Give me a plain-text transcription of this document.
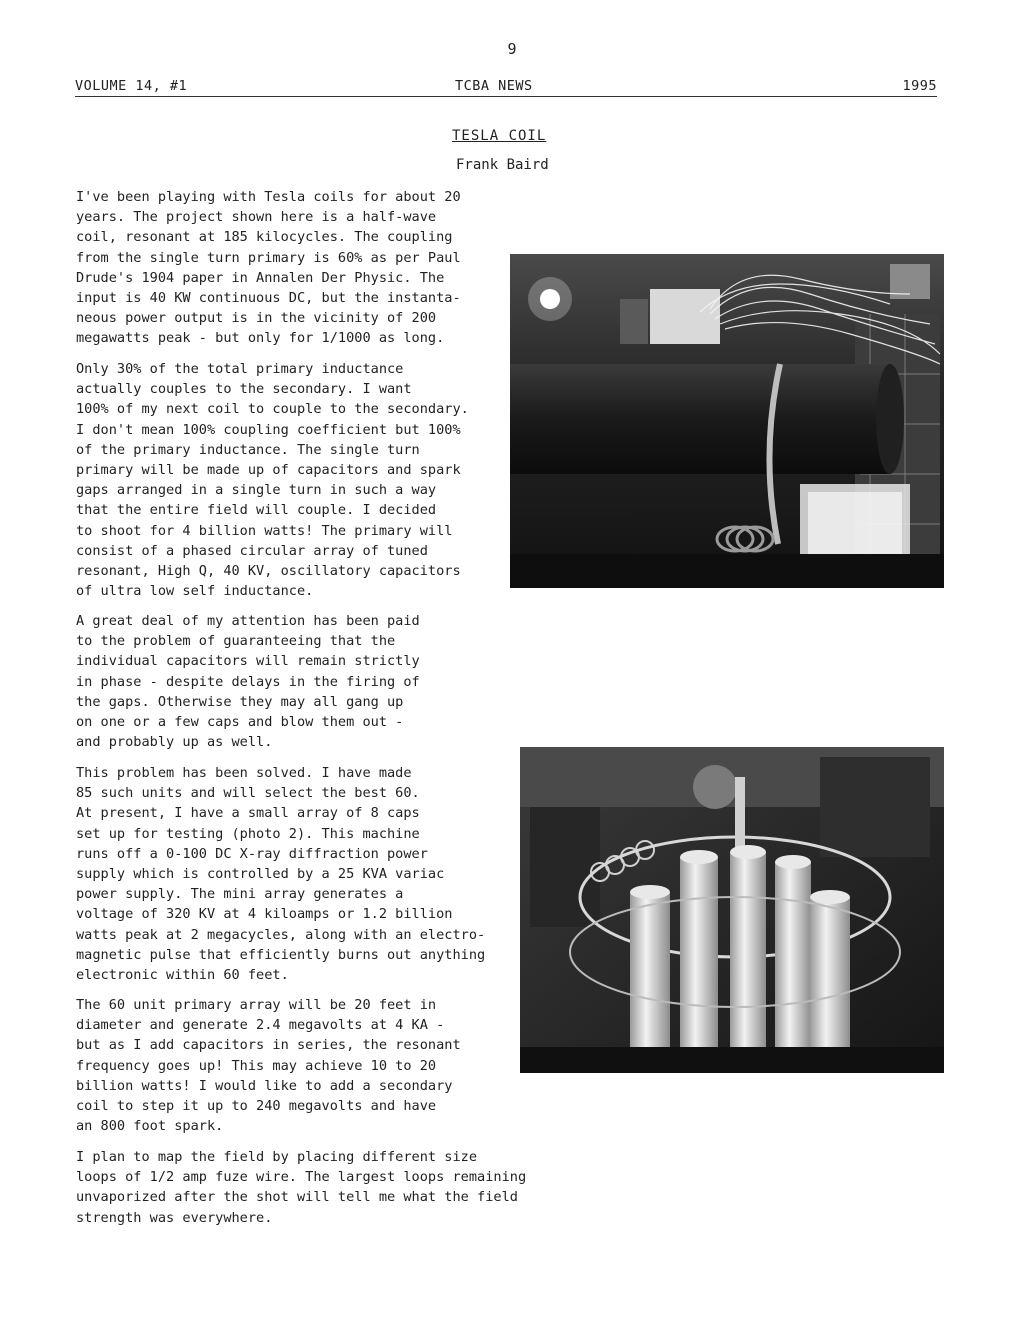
9
VOLUME 14, #1	TCBA NEWS	1995
TESLA COIL
Frank Baird

I've been playing with Tesla coils for about 20
years. The project shown here is a half-wave
coil, resonant at 185 kilocycles. The coupling
from the single turn primary is 60% as per Paul
Drude's 1904 paper in Annalen Der Physic. The
input is 40 KW continuous DC, but the instanta-
neous power output is in the vicinity of 200
megawatts peak - but only for 1/1000 as long.

Only 30% of the total primary inductance
actually couples to the secondary. I want
100% of my next coil to couple to the secondary.
I don't mean 100% coupling coefficient but 100%
of the primary inductance. The single turn
primary will be made up of capacitors and spark
gaps arranged in a single turn in such a way
that the entire field will couple. I decided
to shoot for 4 billion watts! The primary will
consist of a phased circular array of tuned
resonant, High Q, 40 KV, oscillatory capacitors
of ultra low self inductance.

A great deal of my attention has been paid
to the problem of guaranteeing that the
individual capacitors will remain strictly
in phase - despite delays in the firing of
the gaps. Otherwise they may all gang up
on one or a few caps and blow them out -
and probably up as well.

This problem has been solved. I have made
85 such units and will select the best 60.
At present, I have a small array of 8 caps
set up for testing (photo 2). This machine
runs off a 0-100 DC X-ray diffraction power
supply which is controlled by a 25 KVA variac
power supply. The mini array generates a
voltage of 320 KV at 4 kiloamps or 1.2 billion
watts peak at 2 megacycles, along with an electro-
magnetic pulse that efficiently burns out anything
electronic within 60 feet.

The 60 unit primary array will be 20 feet in
diameter and generate 2.4 megavolts at 4 KA -
but as I add capacitors in series, the resonant
frequency goes up! This may achieve 10 to 20
billion watts! I would like to add a secondary
coil to step it up to 240 megavolts and have
an 800 foot spark.

I plan to map the field by placing different size
loops of 1/2 amp fuze wire. The largest loops remaining
unvaporized after the shot will tell me what the field
strength was everywhere.
